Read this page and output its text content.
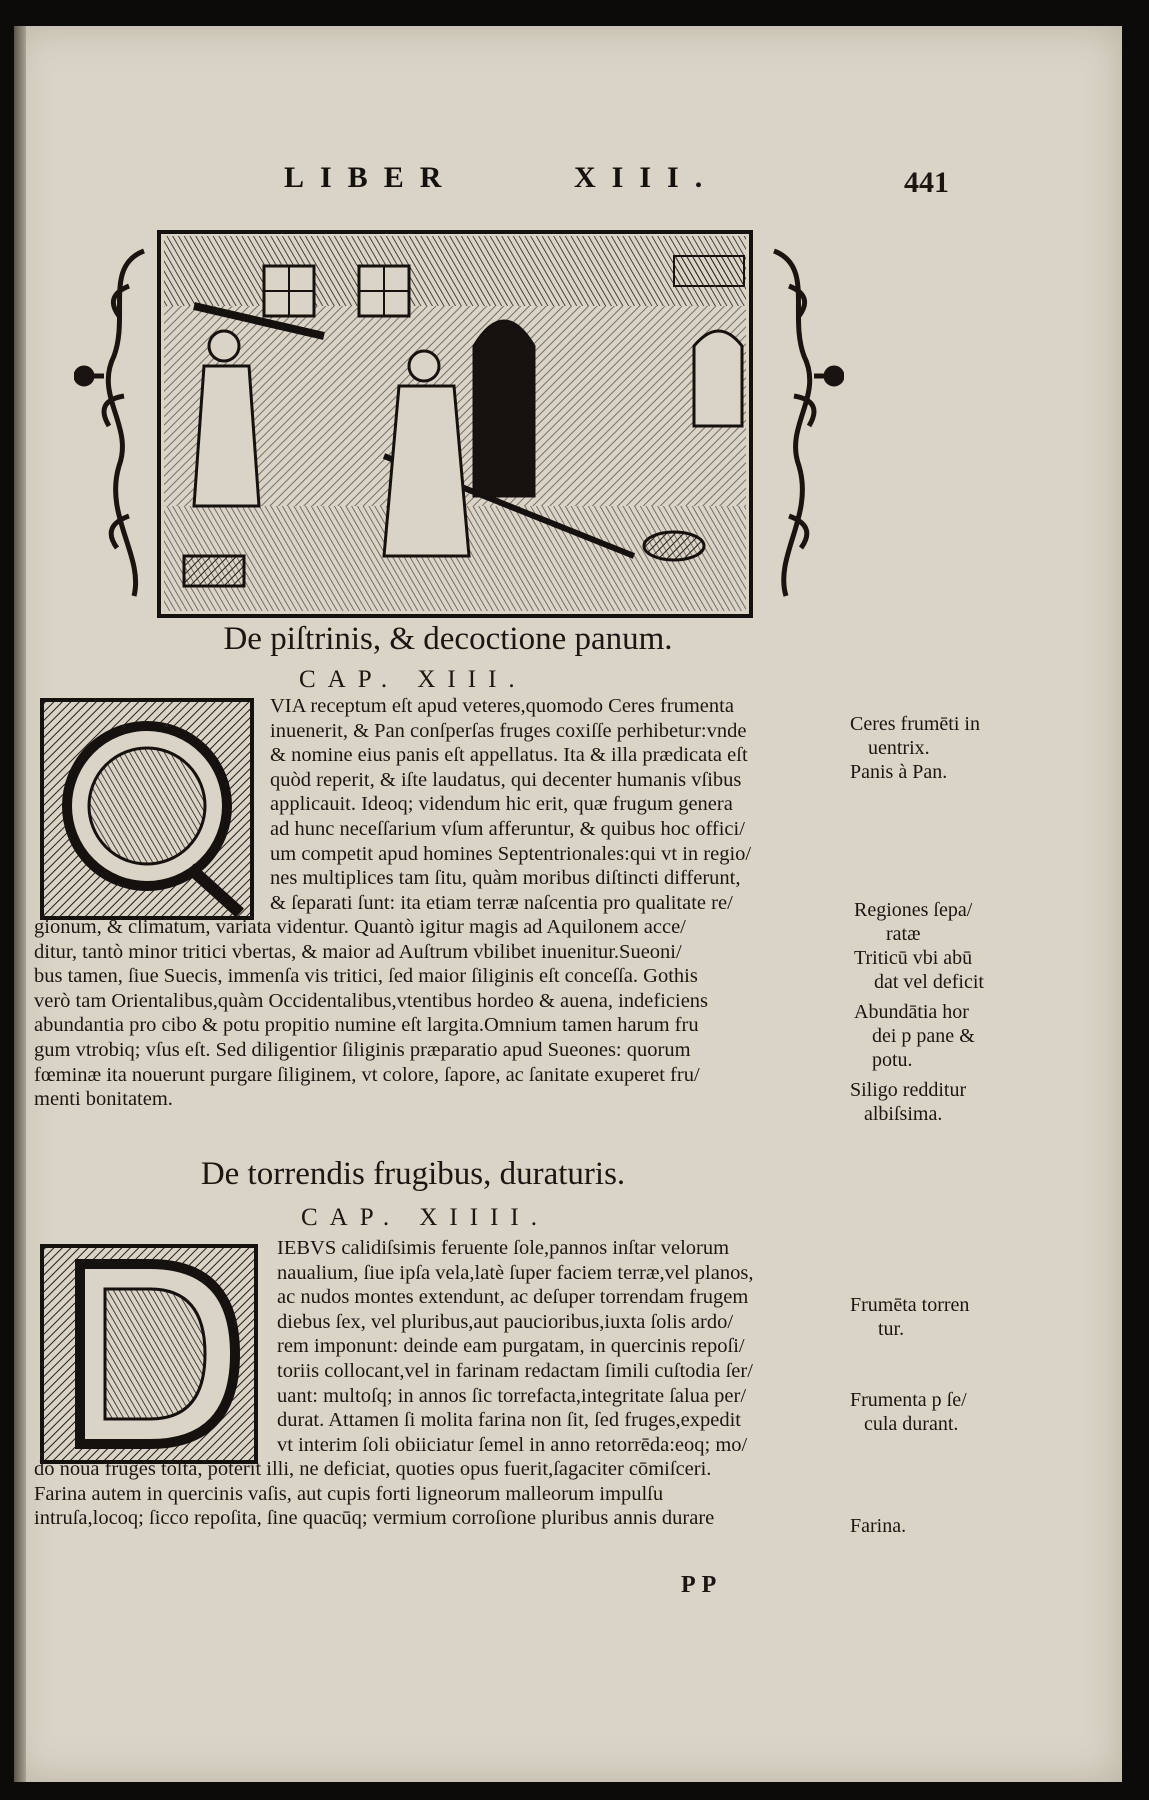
LIBER	XIII.	441
De piſtrinis, & decoctione panum.
CAP. XIII.
VIA receptum eſt apud veteres,quomodo Ceres frumenta
inuenerit, & Pan conſperſas fruges coxiſſe perhibetur:vnde
& nomine eius panis eſt appellatus. Ita & illa prædicata eſt
quòd reperit, & iſte laudatus, qui decenter humanis vſibus
applicauit. Ideoq; videndum hic erit, quæ frugum genera
ad hunc neceſſarium vſum afferuntur, & quibus hoc offici/
um competit apud homines Septentrionales:qui vt in regio/
nes multiplices tam ſitu, quàm moribus diſtincti differunt,
& ſeparati ſunt: ita etiam terræ naſcentia pro qualitate re/
gionum, & climatum, variata videntur. Quantò igitur magis ad Aquilonem acce/
ditur, tantò minor tritici vbertas, & maior ad Auſtrum vbilibet inuenitur.Sueoni/
bus tamen, ſiue Suecis, immenſa vis tritici, ſed maior ſiliginis eſt conceſſa. Gothis
verò tam Orientalibus,quàm Occidentalibus,vtentibus hordeo & auena, indeficiens
abundantia pro cibo & potu propitio numine eſt largita.Omnium tamen harum fru
gum vtrobiq; vſus eſt. Sed diligentior ſiliginis præparatio apud Sueones: quorum
fœminæ ita nouerunt purgare ſiliginem, vt colore, ſapore, ac ſanitate exuperet fru/
menti bonitatem.
Ceres frumēti in
uentrix.
Panis à Pan.
Regiones ſepa/
ratæ
Triticū vbi abū
dat vel deficit
Abundātia hor
dei p pane &
potu.
Siligo redditur
albiſsima.
De torrendis frugibus, duraturis.
CAP. XIIII.
IEBVS calidiſsimis feruente ſole,pannos inſtar velorum
naualium, ſiue ipſa vela,latè ſuper faciem terræ,vel planos,
ac nudos montes extendunt, ac deſuper torrendam frugem
diebus ſex, vel pluribus,aut paucioribus,iuxta ſolis ardo/
rem imponunt: deinde eam purgatam, in quercinis repoſi/
toriis collocant,vel in farinam redactam ſimili cuſtodia ſer/
uant: multoſq; in annos ſic torrefacta,integritate ſalua per/
durat. Attamen ſi molita farina non ſit, ſed fruges,expedit
vt interim ſoli obiiciatur ſemel in anno retorrēda:eoq; mo/
do noua fruges toſta, poterit illi, ne deficiat, quoties opus fuerit,ſagaciter cōmiſceri.
Farina autem in quercinis vaſis, aut cupis forti ligneorum malleorum impulſu
intruſa,locoq; ſicco repoſita, ſine quacūq; vermium corroſione pluribus annis durare
PP
Frumēta torren
tur.
Frumenta p ſe/
cula durant.
Farina.
